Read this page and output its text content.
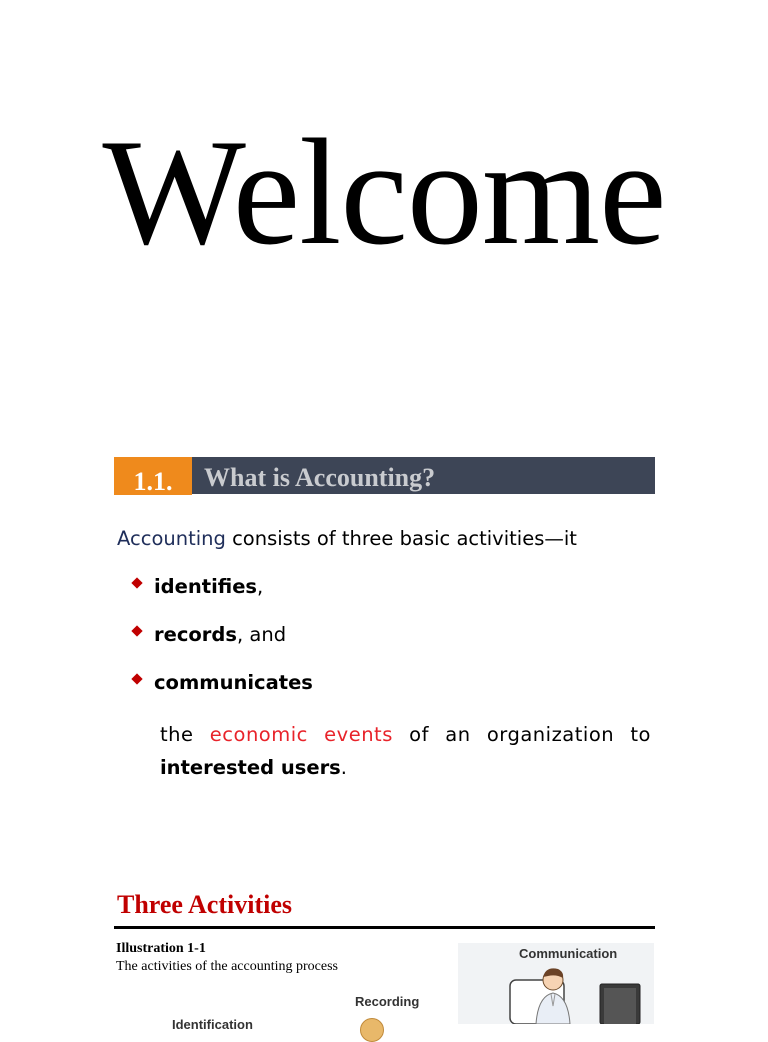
Welcome
1.1.	What is Accounting?
Accounting consists of three basic activities—it
identifies,
records, and
communicates
the economic events of an organization to
interested users.
Three Activities
Illustration 1-1
The activities of the accounting process
Communication
Recording
Identification
